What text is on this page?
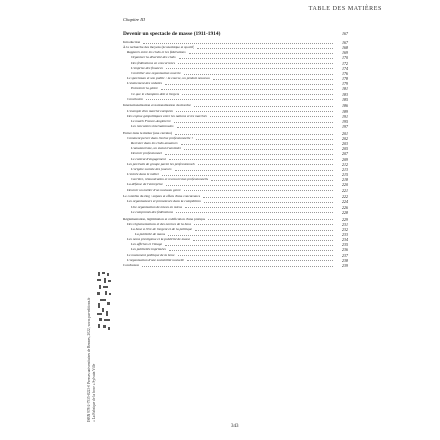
TABLE DES MATIÈRES
Chapitre III
Devenir un spectacle de masse (1911-1914)	167
Introduction	167
À la recherche des moyens (économique et sportif)	168
Rapports entre les clubs et les fédérations	169
Organiser la diversité des clubs	170
Des fédérations en concurrence	172
L'emprise des finances	174
Contrôler une organisation ouverte	176
Le sportsman et son public : la course, un produit nouveau	178
L'avènement des vedettes	179
Entretenir la gloire	181
Ce que le champion doit à l'argent	183
Conclusion	185
Internationalisation et nationalisation du marché	186
L'exemple d'un marché européen	189
Des enjeux géopolitiques entre les nations et les marchés	191
Le match France-Angleterre	195
Les rencontres internationales	197
Entrer dans le métier (une carrière)	201
Comment percer dans l'arène professionnelle ?	202
Recruter dans les clubs amateurs	203
L'amateurisme, un statut transitoire	205
Devenir professionnel	207
Le contrat d'engagement	209
Les portraits de groupe parmi les professionnels	212
L'origine sociale des joueurs	213
L'entrée dans le métier	215
Carrière, rémunération et reconversion professionnelle	218
La défense de l'entreprise	220
Devenir un métier d'un nouveau genre	221
Le contrôle du ring : enjeux et effets d'une concurrence	222
Les organisateurs et promoteurs dans la compétition	224
Une organisation de mieux en mieux	226
Le compromis des fédérations	228
Réglementation, légitimation et codification d'une pratique	229
Des réglementations et des normes de la boxe	231
La boxe à l'ère de l'argent et de la politique	232
La publicité de masse	233
Les noms prestigieux et la publicité de masse	234
Les affiches et l'image	235
Les publicités imprimées	236
Le monument politique de la boxe	237
L'organisation d'une sociabilité nouvelle	238
Conclusion	239
343
« La Fabrique de la boxe » Sylvain Ville
ISBN 978-2-7535-8223-0 Presses universitaires de Rennes, 2022, www.pur-editions.fr
